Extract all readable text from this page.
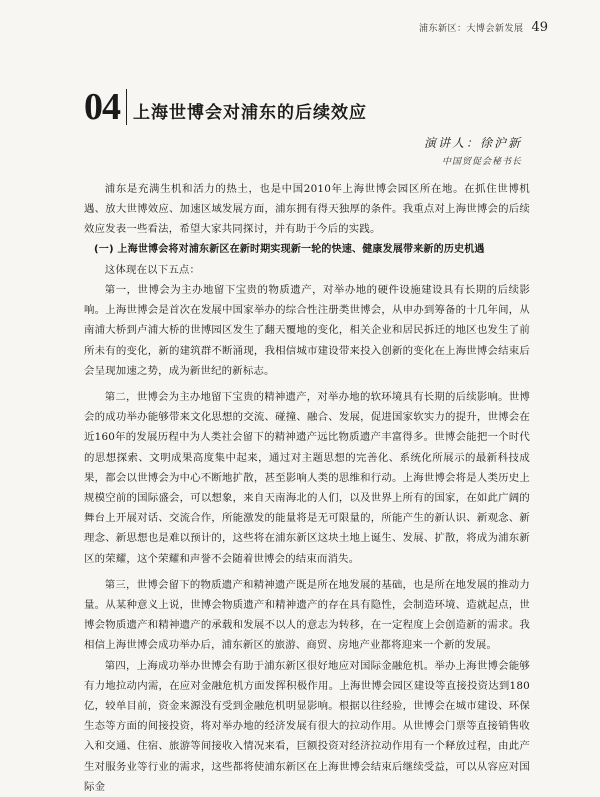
浦东新区：大博会新发展 49
04 上海世博会对浦东的后续效应
演讲人：徐沪新
中国贸促会秘书长

浦东是充满生机和活力的热土，也是中国2010年上海世博会园区所在地。在抓住世博机遇、放大世博效应、加速区域发展方面，浦东拥有得天独厚的条件。我重点对上海世博会的后续效应发表一些看法，希望大家共同探讨，并有助于今后的实践。

(一) 上海世博会将对浦东新区在新时期实现新一轮的快速、健康发展带来新的历史机遇

这体现在以下五点：

第一，世博会为主办地留下宝贵的物质遗产，对举办地的硬件设施建设具有长期的后续影响。上海世博会是首次在发展中国家举办的综合性注册类世博会，从申办到筹备的十几年间，从南浦大桥到卢浦大桥的世博园区发生了翻天覆地的变化，相关企业和居民拆迁的地区也发生了前所未有的变化，新的建筑群不断涌现，我相信城市建设带来投入创新的变化在上海世博会结束后会呈现加速之势，成为新世纪的新标志。

第二，世博会为主办地留下宝贵的精神遗产，对举办地的软环境具有长期的后续影响。世博会的成功举办能够带来文化思想的交流、碰撞、融合、发展，促进国家软实力的提升，世博会在近160年的发展历程中为人类社会留下的精神遗产远比物质遗产丰富得多。世博会能把一个时代的思想探索、文明成果高度集中起来，通过对主题思想的完善化、系统化所展示的最新科技成果，都会以世博会为中心不断地扩散，甚至影响人类的思维和行动。上海世博会将是人类历史上规模空前的国际盛会，可以想象，来自天南海北的人们，以及世界上所有的国家，在如此广阔的舞台上开展对话、交流合作，所能激发的能量将是无可限量的，所能产生的新认识、新观念、新理念、新思想也是难以预计的，这些将在浦东新区这块土地上诞生、发展、扩散，将成为浦东新区的荣耀，这个荣耀和声誉不会随着世博会的结束而消失。

第三，世博会留下的物质遗产和精神遗产既是所在地发展的基础，也是所在地发展的推动力量。从某种意义上说，世博会物质遗产和精神遗产的存在具有隐性，会制造环境、造就起点，世博会物质遗产和精神遗产的承载和发展不以人的意志为转移，在一定程度上会创造新的需求。我相信上海世博会成功举办后，浦东新区的旅游、商贸、房地产业都将迎来一个新的发展。

第四，上海成功举办世博会有助于浦东新区很好地应对国际金融危机。举办上海世博会能够有力地拉动内需，在应对金融危机方面发挥积极作用。上海世博会园区建设等直接投资达到180亿，较单目前，资金来源没有受到金融危机明显影响。根据以往经验，世博会在城市建设、环保生态等方面的间接投资，将对举办地的经济发展有很大的拉动作用。从世博会门票等直接销售收入和交通、住宿、旅游等间接收入情况来看，巨额投资对经济拉动作用有一个释放过程，由此产生对服务业等行业的需求，这些都将使浦东新区在上海世博会结束后继续受益，可以从容应对国际金
